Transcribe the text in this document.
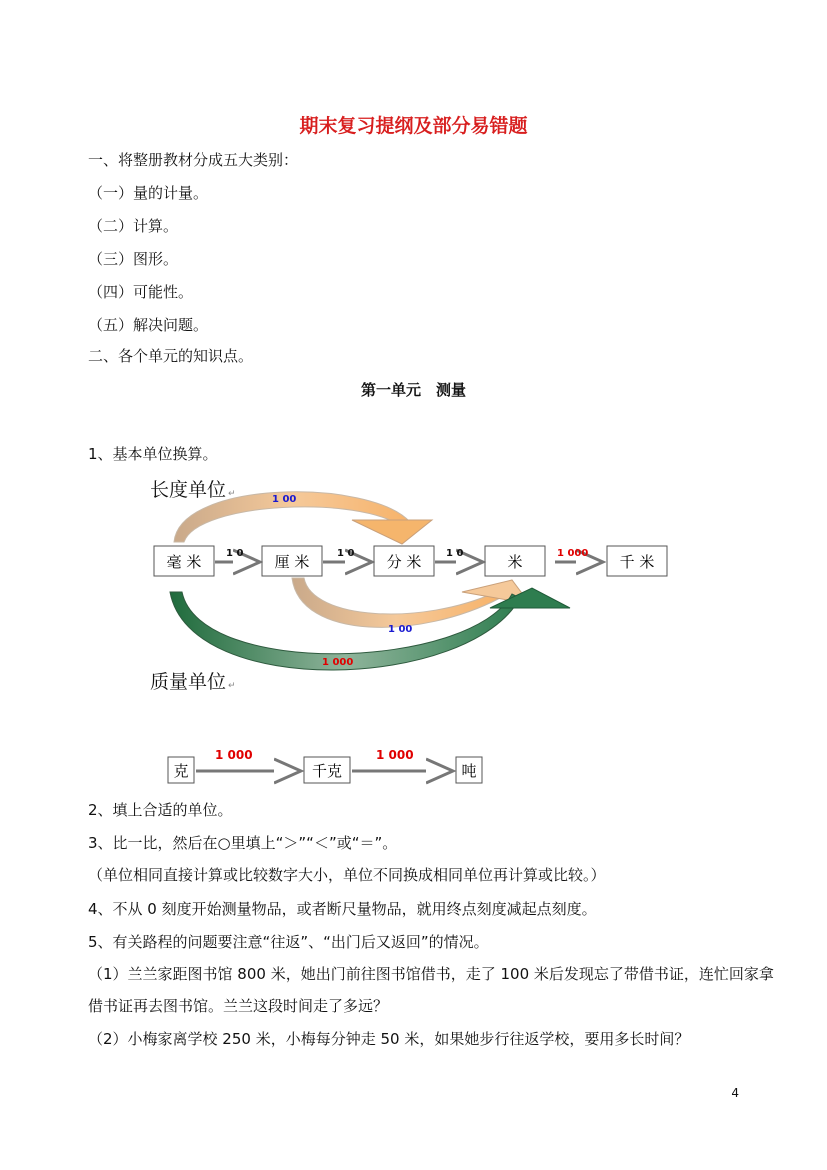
期末复习提纲及部分易错题
一、将整册教材分成五大类别：
（一）量的计量。
（二）计算。
（三）图形。
（四）可能性。
（五）解决问题。
二、各个单元的知识点。
第一单元　测量
1、基本单位换算。
长度单位 ↵	1 00
毫 米	厘 米	分 米	米	千 米
1 0	1 0	1 0	1 000
1 00
1 000
质量单位 ↵
克	千克	吨
1 000	1 000
2、填上合适的单位。
3、比一比，然后在○里填上“＞”“＜”或“＝”。
（单位相同直接计算或比较数字大小，单位不同换成相同单位再计算或比较。）
4、不从 0 刻度开始测量物品，或者断尺量物品，就用终点刻度减起点刻度。
5、有关路程的问题要注意“往返”、“出门后又返回”的情况。
（1）兰兰家距图书馆 800 米，她出门前往图书馆借书，走了 100 米后发现忘了带借书证，连忙回家拿
借书证再去图书馆。兰兰这段时间走了多远？
（2）小梅家离学校 250 米，小梅每分钟走 50 米，如果她步行往返学校，要用多长时间？
4
